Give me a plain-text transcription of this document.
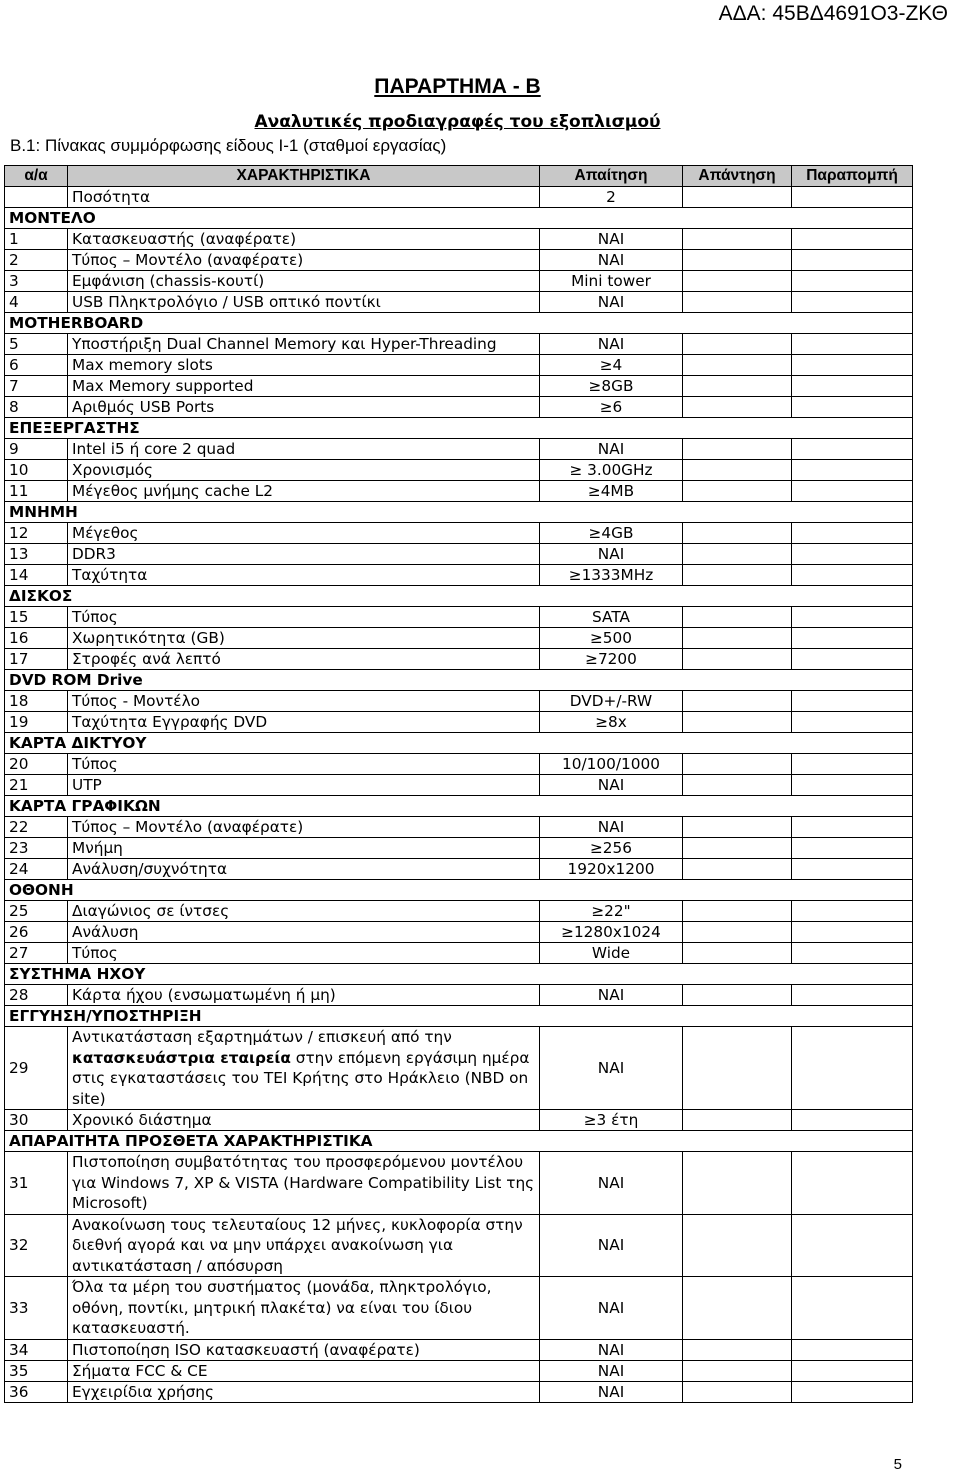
ΑΔΑ: 45ΒΔ4691Ο3-ΖΚΘ
ΠΑΡΑΡΤΗΜΑ - Β
Αναλυτικές προδιαγραφές του εξοπλισμού
Β.1: Πίνακας συμμόρφωσης είδους Ι-1 (σταθμοί εργασίας)
α/α	ΧΑΡΑΚΤΗΡΙΣΤΙΚΑ	Απαίτηση	Απάντηση	Παραπομπή
	Ποσότητα	2		
ΜΟΝΤΕΛΟ				
1	Κατασκευαστής (αναφέρατε)	ΝΑΙ		
2	Τύπος – Μοντέλο (αναφέρατε)	ΝΑΙ		
3	Εμφάνιση (chassis-κουτί)	Mini tower		
4	USB Πληκτρολόγιο / USB οπτικό ποντίκι	ΝΑΙ		
MOTHERBOARD				
5	Υποστήριξη Dual Channel Memory και Hyper-Threading	ΝΑΙ		
6	Max memory slots	≥4		
7	Max Memory supported	≥8GB		
8	Αριθμός USB Ports	≥6		
ΕΠΕΞΕΡΓΑΣΤΗΣ				
9	Intel i5 ή core 2 quad	ΝΑΙ		
10	Χρονισμός	≥ 3.00GHz		
11	Μέγεθος μνήμης cache L2	≥4MB		
ΜΝΗΜΗ				
12	Μέγεθος	≥4GB		
13	DDR3	ΝΑΙ		
14	Ταχύτητα	≥1333MHz		
ΔΙΣΚΟΣ				
15	Τύπος	SATA		
16	Χωρητικότητα (GB)	≥500		
17	Στροφές ανά λεπτό	≥7200		
DVD ROM Drive				
18	Τύπος - Μοντέλο	DVD+/-RW		
19	Ταχύτητα Εγγραφής DVD	≥8x		
ΚΑΡΤΑ ΔΙΚΤΥΟΥ				
20	Τύπος	10/100/1000		
21	UTP	ΝΑΙ		
ΚΑΡΤΑ ΓΡΑΦΙΚΩΝ				
22	Τύπος – Μοντέλο (αναφέρατε)	ΝΑΙ		
23	Μνήμη	≥256		
24	Ανάλυση/συχνότητα	1920x1200		
ΟΘΟΝΗ				
25	Διαγώνιος σε ίντσες	≥22"		
26	Ανάλυση	≥1280x1024		
27	Τύπος	Wide		
ΣΥΣΤΗΜΑ ΗΧΟΥ				
28	Κάρτα ήχου (ενσωματωμένη ή μη)	ΝΑΙ		
ΕΓΓΥΗΣΗ/ΥΠΟΣΤΗΡΙΞΗ				
29	Αντικατάσταση εξαρτημάτων / επισκευή από την κατασκευάστρια εταιρεία στην επόμενη εργάσιμη ημέρα στις εγκαταστάσεις του ΤΕΙ Κρήτης στο Ηράκλειο (NBD on site)	ΝΑΙ		
30	Χρονικό διάστημα	≥3 έτη		
ΑΠΑΡΑΙΤΗΤΑ ΠΡΟΣΘΕΤΑ ΧΑΡΑΚΤΗΡΙΣΤΙΚΑ				
31	Πιστοποίηση συμβατότητας του προσφερόμενου μοντέλου για Windows 7, XP & VISTA (Hardware Compatibility List της Microsoft)	ΝΑΙ		
32	Ανακοίνωση τους τελευταίους 12 μήνες, κυκλοφορία στην διεθνή αγορά και να μην υπάρχει ανακοίνωση για αντικατάσταση / απόσυρση	ΝΑΙ		
33	Όλα τα μέρη του συστήματος (μονάδα, πληκτρολόγιο, οθόνη, ποντίκι, μητρική πλακέτα) να είναι του ίδιου κατασκευαστή.	ΝΑΙ		
34	Πιστοποίηση ISO κατασκευαστή (αναφέρατε)	ΝΑΙ		
35	Σήματα FCC & CE	ΝΑΙ		
36	Εγχειρίδια χρήσης	ΝΑΙ		
5
